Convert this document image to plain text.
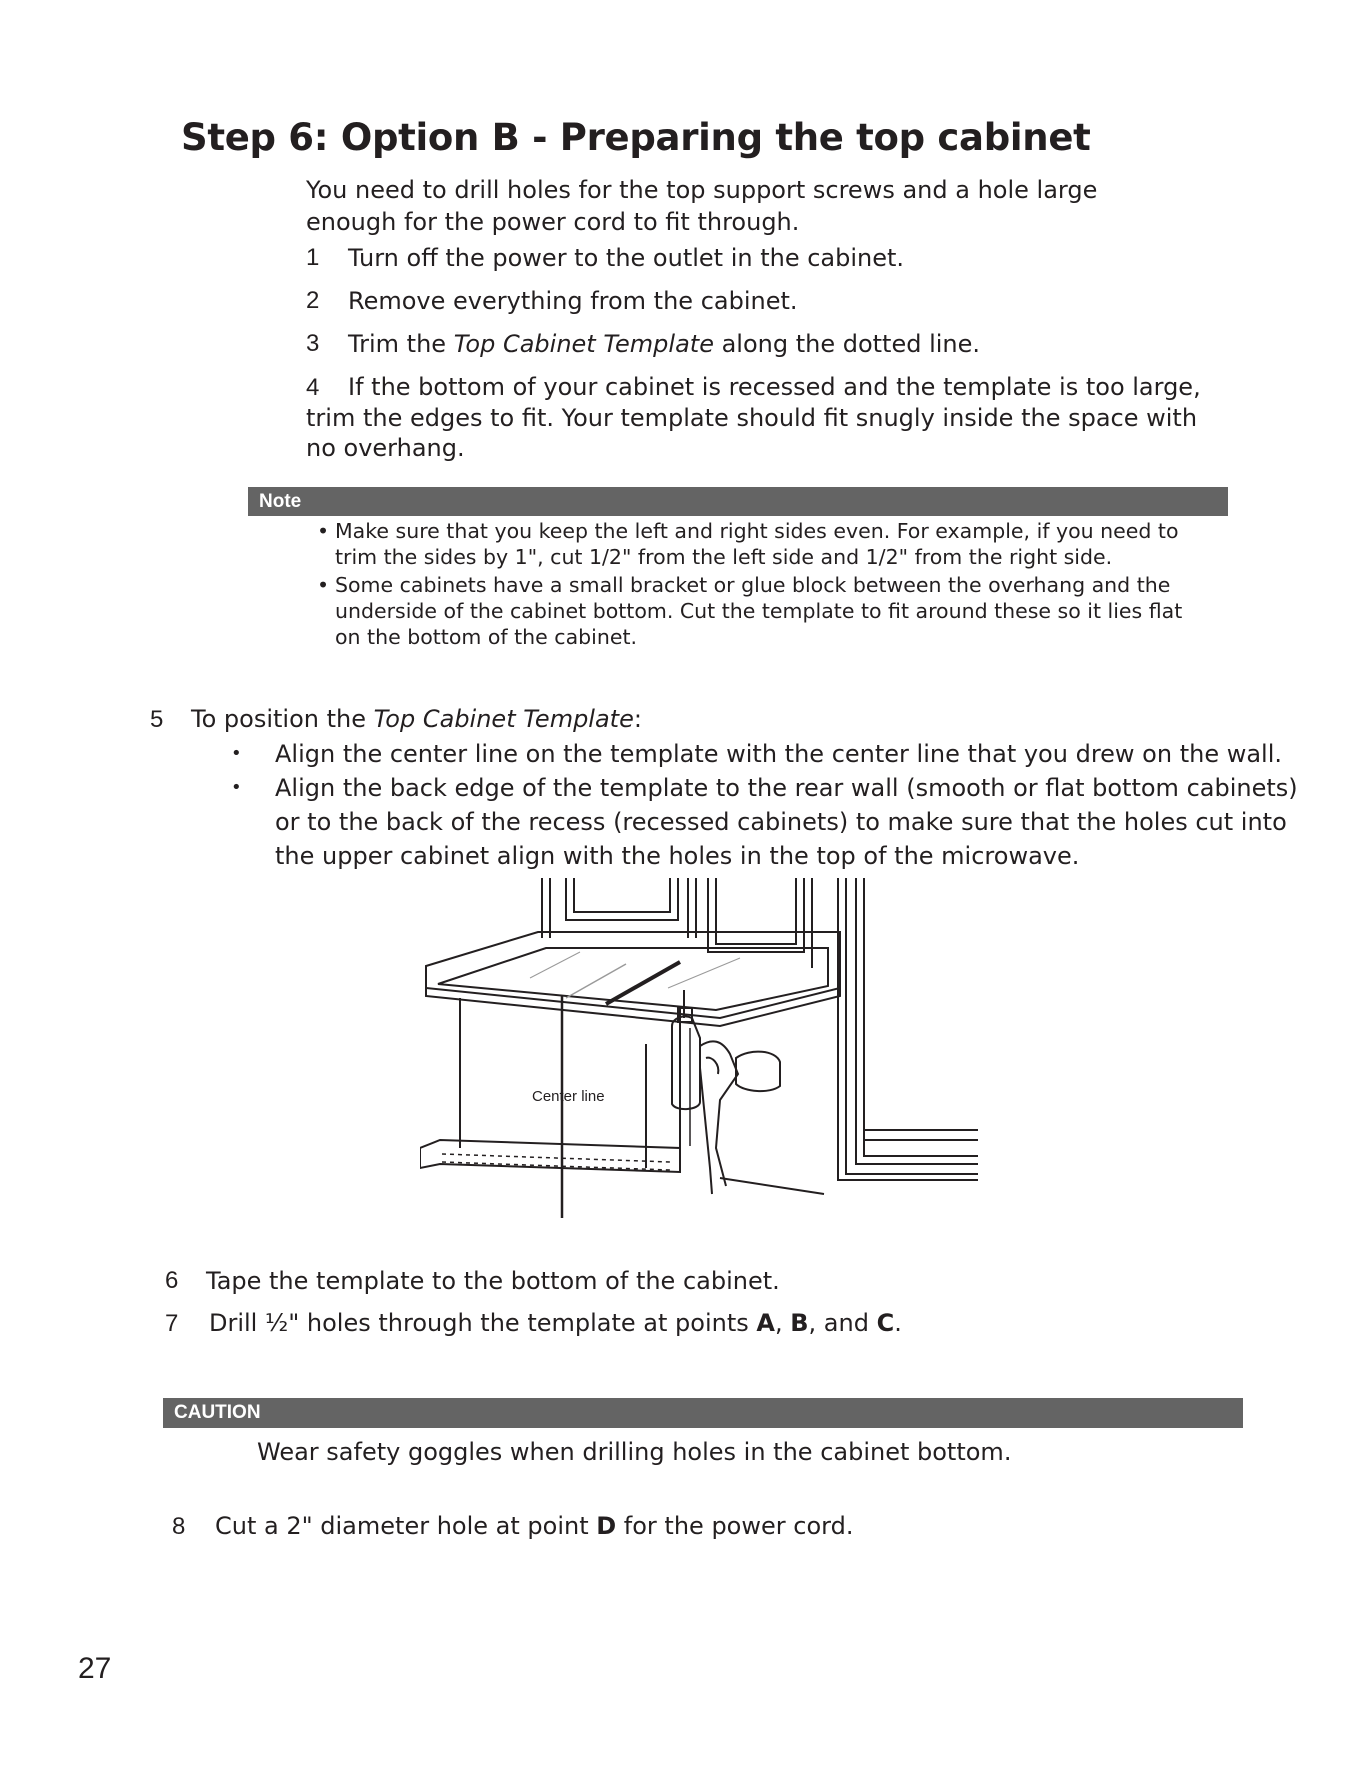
Step 6: Option B - Preparing the top cabinet
You need to drill holes for the top support screws and a hole large
enough for the power cord to fit through.
1	Turn off the power to the outlet in the cabinet.
2	Remove everything from the cabinet.
3	Trim the Top Cabinet Template along the dotted line.
4 If the bottom of your cabinet is recessed and the template is too large,
trim the edges to fit. Your template should fit snugly inside the space with
no overhang.
Note
• Make sure that you keep the left and right sides even. For example, if you need to
trim the sides by 1", cut 1/2" from the left side and 1/2" from the right side.
• Some cabinets have a small bracket or glue block between the overhang and the
underside of the cabinet bottom. Cut the template to fit around these so it lies flat
on the bottom of the cabinet.
5 To position the Top Cabinet Template:
• Align the center line on the template with the center line that you drew on the wall.
• Align the back edge of the template to the rear wall (smooth or flat bottom cabinets)
or to the back of the recess (recessed cabinets) to make sure that the holes cut into
the upper cabinet align with the holes in the top of the microwave.
Center line
6	Tape the template to the bottom of the cabinet.
7 Drill ½" holes through the template at points A, B, and C.
CAUTION
Wear safety goggles when drilling holes in the cabinet bottom.
8 Cut a 2" diameter hole at point D for the power cord.
27
